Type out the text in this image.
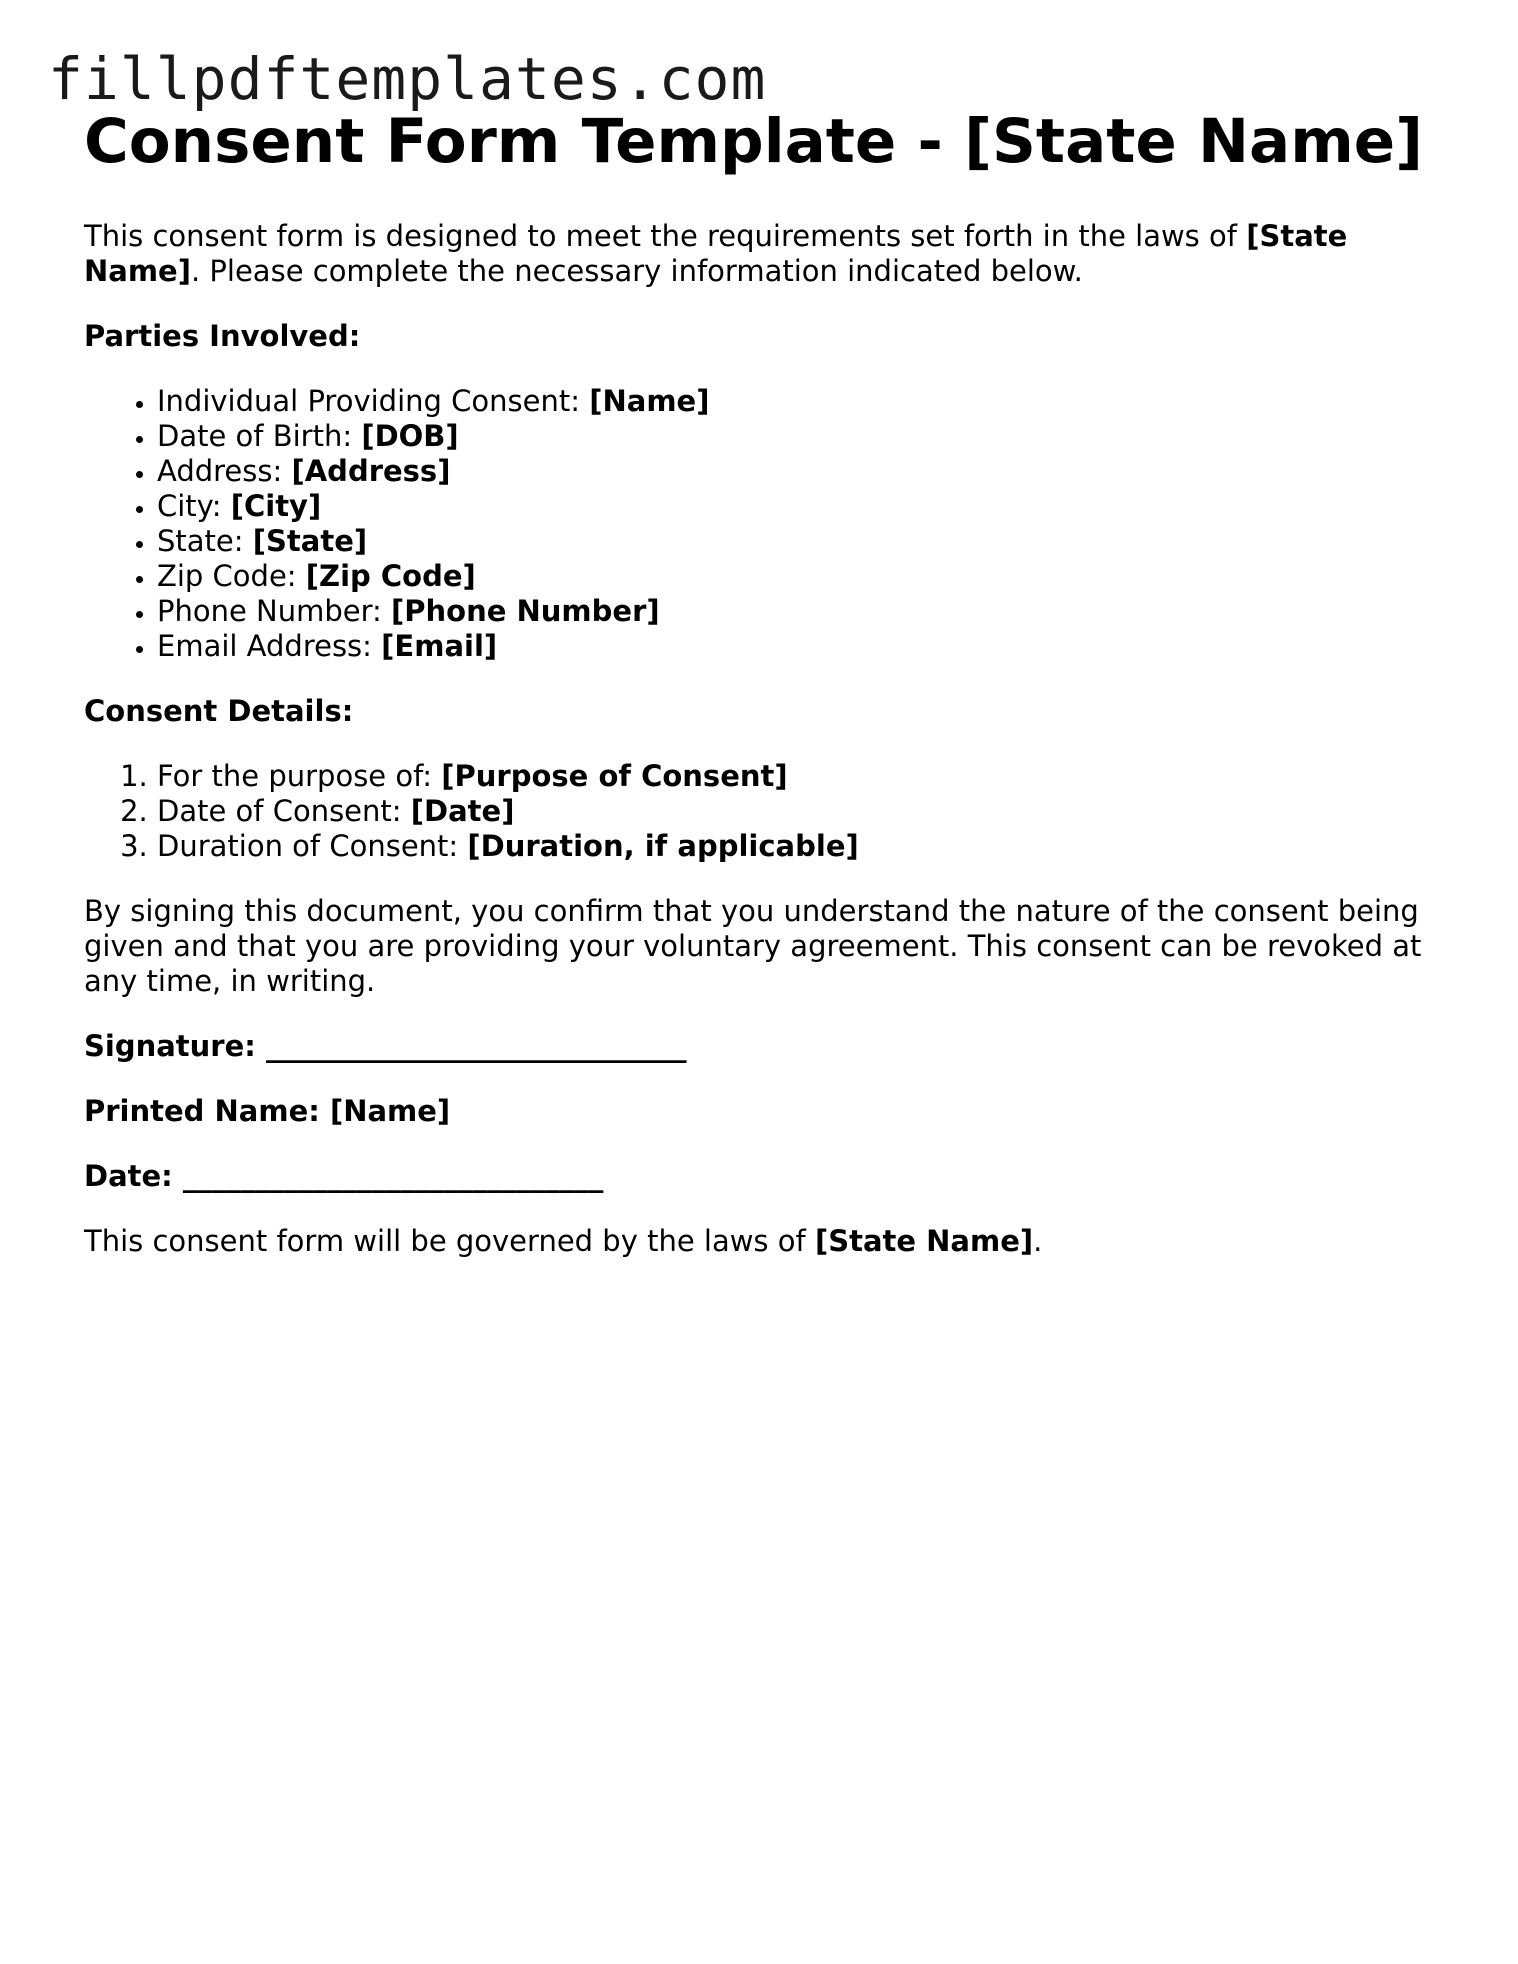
fillpdftemplates.com
Consent Form Template - [State Name]

This consent form is designed to meet the requirements set forth in the laws of [State Name]. Please complete the necessary information indicated below.

Parties Involved:

• Individual Providing Consent: [Name]
• Date of Birth: [DOB]
• Address: [Address]
• City: [City]
• State: [State]
• Zip Code: [Zip Code]
• Phone Number: [Phone Number]
• Email Address: [Email]

Consent Details:

1. For the purpose of: [Purpose of Consent]
2. Date of Consent: [Date]
3. Duration of Consent: [Duration, if applicable]

By signing this document, you confirm that you understand the nature of the consent being given and that you are providing your voluntary agreement. This consent can be revoked at any time, in writing.

Signature: _____________________________

Printed Name: [Name]

Date: _____________________________

This consent form will be governed by the laws of [State Name].
